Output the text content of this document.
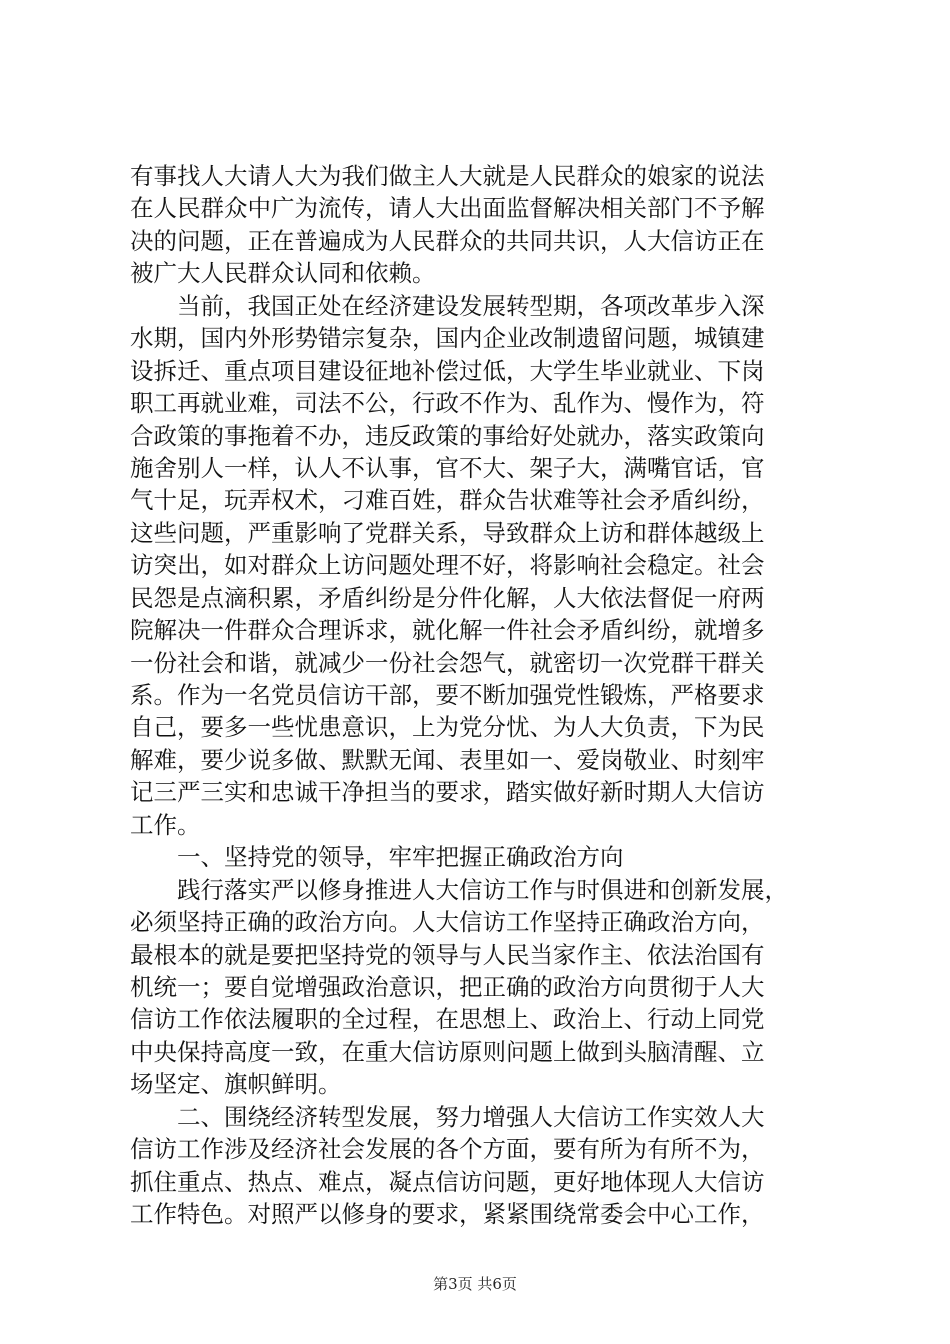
有事找人大请人大为我们做主人大就是人民群众的娘家的说法
在人民群众中广为流传，请人大出面监督解决相关部门不予解
决的问题，正在普遍成为人民群众的共同共识，人大信访正在
被广大人民群众认同和依赖。
　　当前，我国正处在经济建设发展转型期，各项改革步入深
水期，国内外形势错宗复杂，国内企业改制遗留问题，城镇建
设拆迁、重点项目建设征地补偿过低，大学生毕业就业、下岗
职工再就业难，司法不公，行政不作为、乱作为、慢作为，符
合政策的事拖着不办，违反政策的事给好处就办，落实政策向
施舍别人一样，认人不认事，官不大、架子大，满嘴官话，官
气十足，玩弄权术，刁难百姓，群众告状难等社会矛盾纠纷，
这些问题，严重影响了党群关系，导致群众上访和群体越级上
访突出，如对群众上访问题处理不好，将影响社会稳定。社会
民怨是点滴积累，矛盾纠纷是分件化解，人大依法督促一府两
院解决一件群众合理诉求，就化解一件社会矛盾纠纷，就增多
一份社会和谐，就减少一份社会怨气，就密切一次党群干群关
系。作为一名党员信访干部，要不断加强党性锻炼，严格要求
自己，要多一些忧患意识，上为党分忧、为人大负责，下为民
解难，要少说多做、默默无闻、表里如一、爱岗敬业、时刻牢
记三严三实和忠诚干净担当的要求，踏实做好新时期人大信访
工作。
　　一、坚持党的领导，牢牢把握正确政治方向
　　践行落实严以修身推进人大信访工作与时俱进和创新发展，
必须坚持正确的政治方向。人大信访工作坚持正确政治方向，
最根本的就是要把坚持党的领导与人民当家作主、依法治国有
机统一；要自觉增强政治意识，把正确的政治方向贯彻于人大
信访工作依法履职的全过程，在思想上、政治上、行动上同党
中央保持高度一致，在重大信访原则问题上做到头脑清醒、立
场坚定、旗帜鲜明。
　　二、围绕经济转型发展，努力增强人大信访工作实效人大
信访工作涉及经济社会发展的各个方面，要有所为有所不为，
抓住重点、热点、难点，凝点信访问题，更好地体现人大信访
工作特色。对照严以修身的要求，紧紧围绕常委会中心工作，
第3页 共6页
